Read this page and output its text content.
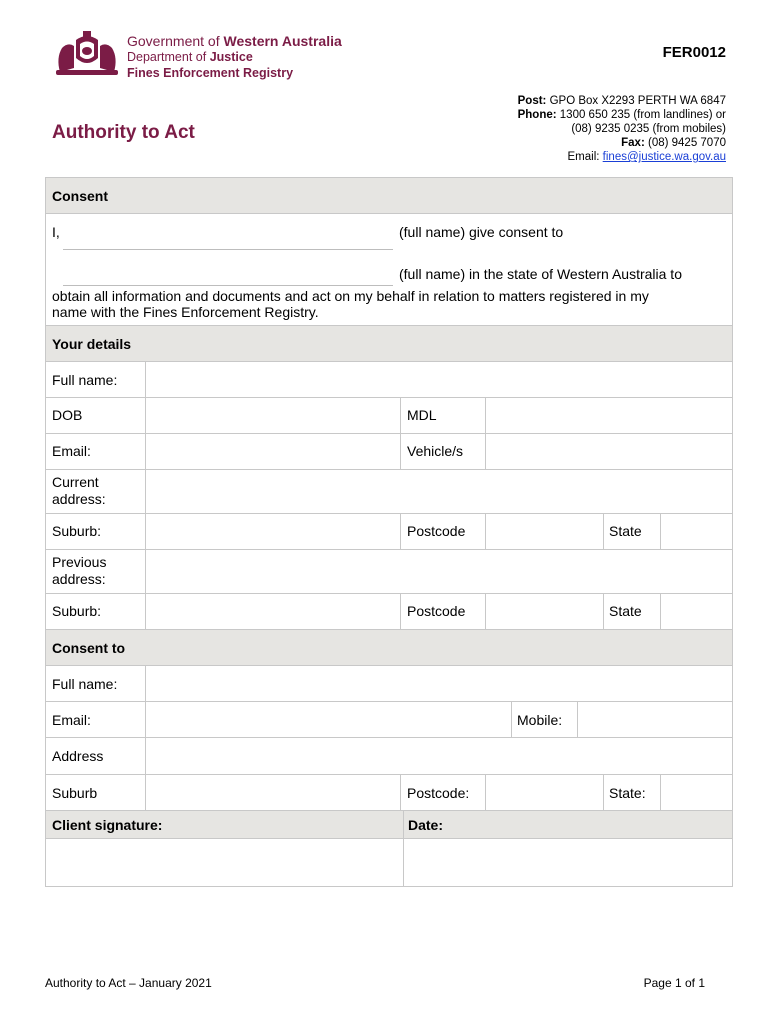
Government of Western Australia
Department of Justice
Fines Enforcement Registry
FER0012
Authority to Act
Post: GPO Box X2293 PERTH WA 6847
Phone: 1300 650 235 (from landlines) or
(08) 9235 0235 (from mobiles)
Fax: (08) 9425 7070
Email: fines@justice.wa.gov.au
Consent
I,	(full name) give consent to
(full name) in the state of Western Australia to
obtain all information and documents and act on my behalf in relation to matters registered in my
name with the Fines Enforcement Registry.
Your details
Full name:
DOB	MDL
Email:	Vehicle/s
Current
address:
Suburb:	Postcode	State
Previous
address:
Suburb:	Postcode	State
Consent to
Full name:
Email:	Mobile:
Address
Suburb	Postcode:	State:
Client signature:	Date:
Authority to Act – January 2021	Page 1 of 1
